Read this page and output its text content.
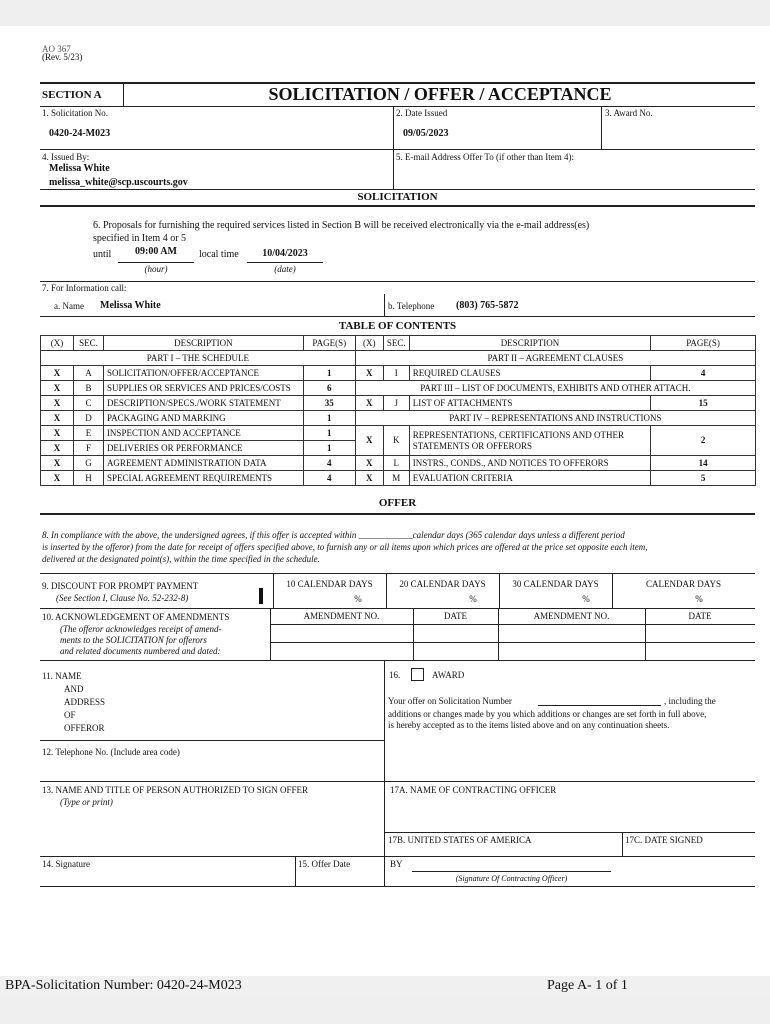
AO 367
(Rev. 5/23)
SECTION A	SOLICITATION / OFFER / ACCEPTANCE
1. Solicitation No.
0420-24-M023
2. Date Issued
09/05/2023
3. Award No.
4. Issued By:
Melissa White
melissa_white@scp.uscourts.gov
5. E-mail Address Offer To (if other than Item 4):
SOLICITATION
6. Proposals for furnishing the required services listed in Section B will be received electronically via the e-mail address(es)
specified in Item 4 or 5
until	09:00 AM
(hour)
local time	10/04/2023
(date)
7. For Information call:
a. Name Melissa White	b. Telephone (803) 765-5872
TABLE OF CONTENTS
(X)	SEC.	DESCRIPTION	PAGE(S)	(X)	SEC.	DESCRIPTION	PAGE(S)
PART I – THE SCHEDULE				PART II – AGREEMENT CLAUSES			
X	A	SOLICITATION/OFFER/ACCEPTANCE	1	X	I	REQUIRED CLAUSES	4
X	B	SUPPLIES OR SERVICES AND PRICES/COSTS	6	PART III – LIST OF DOCUMENTS, EXHIBITS AND OTHER ATTACH.			
X	C	DESCRIPTION/SPECS./WORK STATEMENT	35	X	J	LIST OF ATTACHMENTS	15
X	D	PACKAGING AND MARKING	1	PART IV – REPRESENTATIONS AND INSTRUCTIONS			
X	E	INSPECTION AND ACCEPTANCE	1	X	K	REPRESENTATIONS, CERTIFICATIONS AND OTHER STATEMENTS OR OFFERORS	2
X	F	DELIVERIES OR PERFORMANCE	1				
X	G	AGREEMENT ADMINISTRATION DATA	4	X	L	INSTRS., CONDS., AND NOTICES TO OFFERORS	14
X	H	SPECIAL AGREEMENT REQUIREMENTS	4	X	M	EVALUATION CRITERIA	5
OFFER
8. In compliance with the above, the undersigned agrees, if this offer is accepted within ____________calendar days (365 calendar days unless a different period
is inserted by the offeror) from the date for receipt of offers specified above, to furnish any or all items upon which prices are offered at the price set opposite each item,
delivered at the designated point(s), within the time specified in the schedule.
9. DISCOUNT FOR PROMPT PAYMENT
(See Section I, Clause No. 52-232-8)
10 CALENDAR DAYS
%
20 CALENDAR DAYS
%
30 CALENDAR DAYS
%
CALENDAR DAYS
%
10. ACKNOWLEDGEMENT OF AMENDMENTS
(The offeror acknowledges receipt of amend-
ments to the SOLICITATION for offerors
and related documents numbered and dated:
AMENDMENT NO.	DATE	AMENDMENT NO.	DATE
11. NAME
AND
ADDRESS
OF
OFFEROR
12. Telephone No. (Include area code)
13. NAME AND TITLE OF PERSON AUTHORIZED TO SIGN OFFER
(Type or print)
14. Signature	15. Offer Date
16.	AWARD
Your offer on Solicitation Number	, including the
additions or changes made by you which additions or changes are set forth in full above,
is hereby accepted as to the items listed above and on any continuation sheets.
17A. NAME OF CONTRACTING OFFICER
17B. UNITED STATES OF AMERICA	17C. DATE SIGNED
BY
(Signature Of Contracting Officer)
BPA-Solicitation Number: 0420-24-M023	Page A- 1 of 1
